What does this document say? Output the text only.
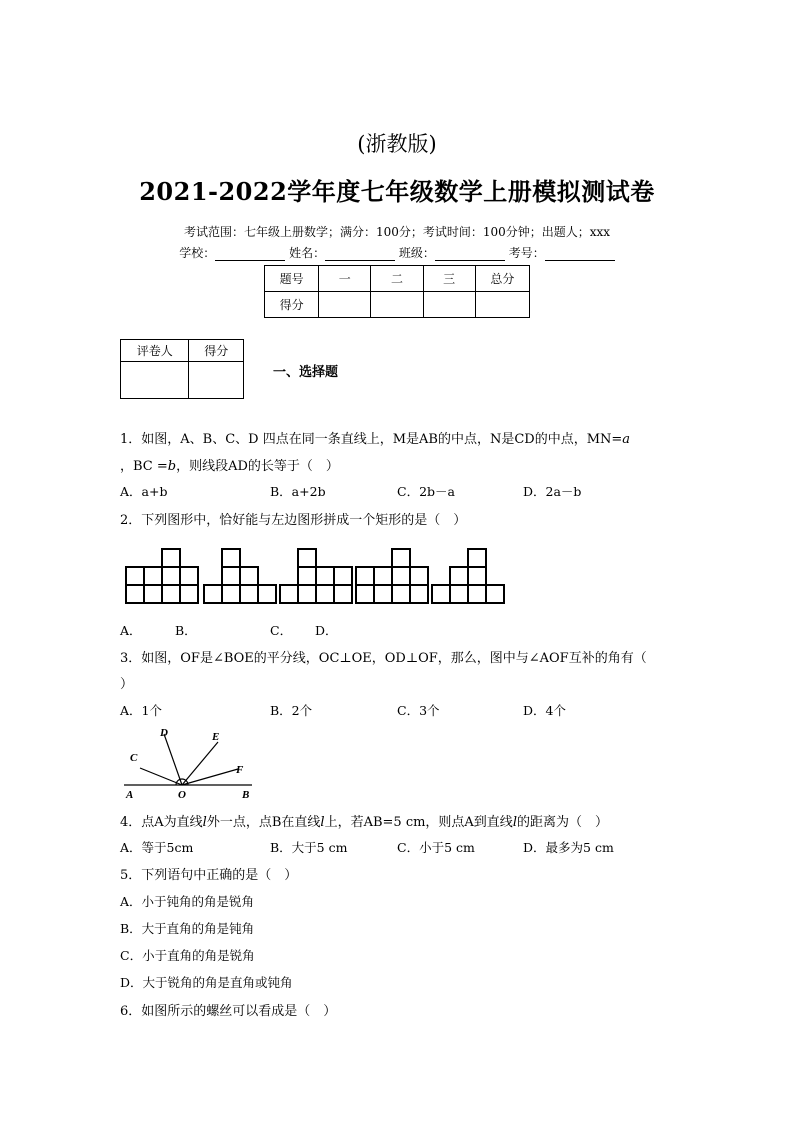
(浙教版)
2021-2022学年度七年级数学上册模拟测试卷
考试范围：七年级上册数学；满分：100分；考试时间：100分钟；出题人；xxx
学校：	姓名：	班级：	考号：
题号	一	二	三	总分
得分				
评卷人	得分

一、选择题
1．如图，A、B、C、D 四点在同一条直线上，M是AB的中点，N是CD的中点，MN=a
，BC =b，则线段AD的长等于（　）
A．a+b	B．a+2b	C．2b－a	D．2a－b
2．下列图形中，恰好能与左边图形拼成一个矩形的是（　）
A．	B．	C． D．
3．如图，OF是∠BOE的平分线，OC⊥OE，OD⊥OF，那么，图中与∠AOF互补的角有（
）
A．1个	B．2个	C．3个	D．4个
D	E
C
F
A	O	B
4．点A为直线l外一点，点B在直线l上，若AB=5 cm，则点A到直线l的距离为（　）
A．等于5cm	B．大于5 cm	C．小于5 cm	D．最多为5 cm
5．下列语句中正确的是（　）
A．小于钝角的角是锐角
B．大于直角的角是钝角
C．小于直角的角是锐角
D．大于锐角的角是直角或钝角
6．如图所示的螺丝可以看成是（　）
